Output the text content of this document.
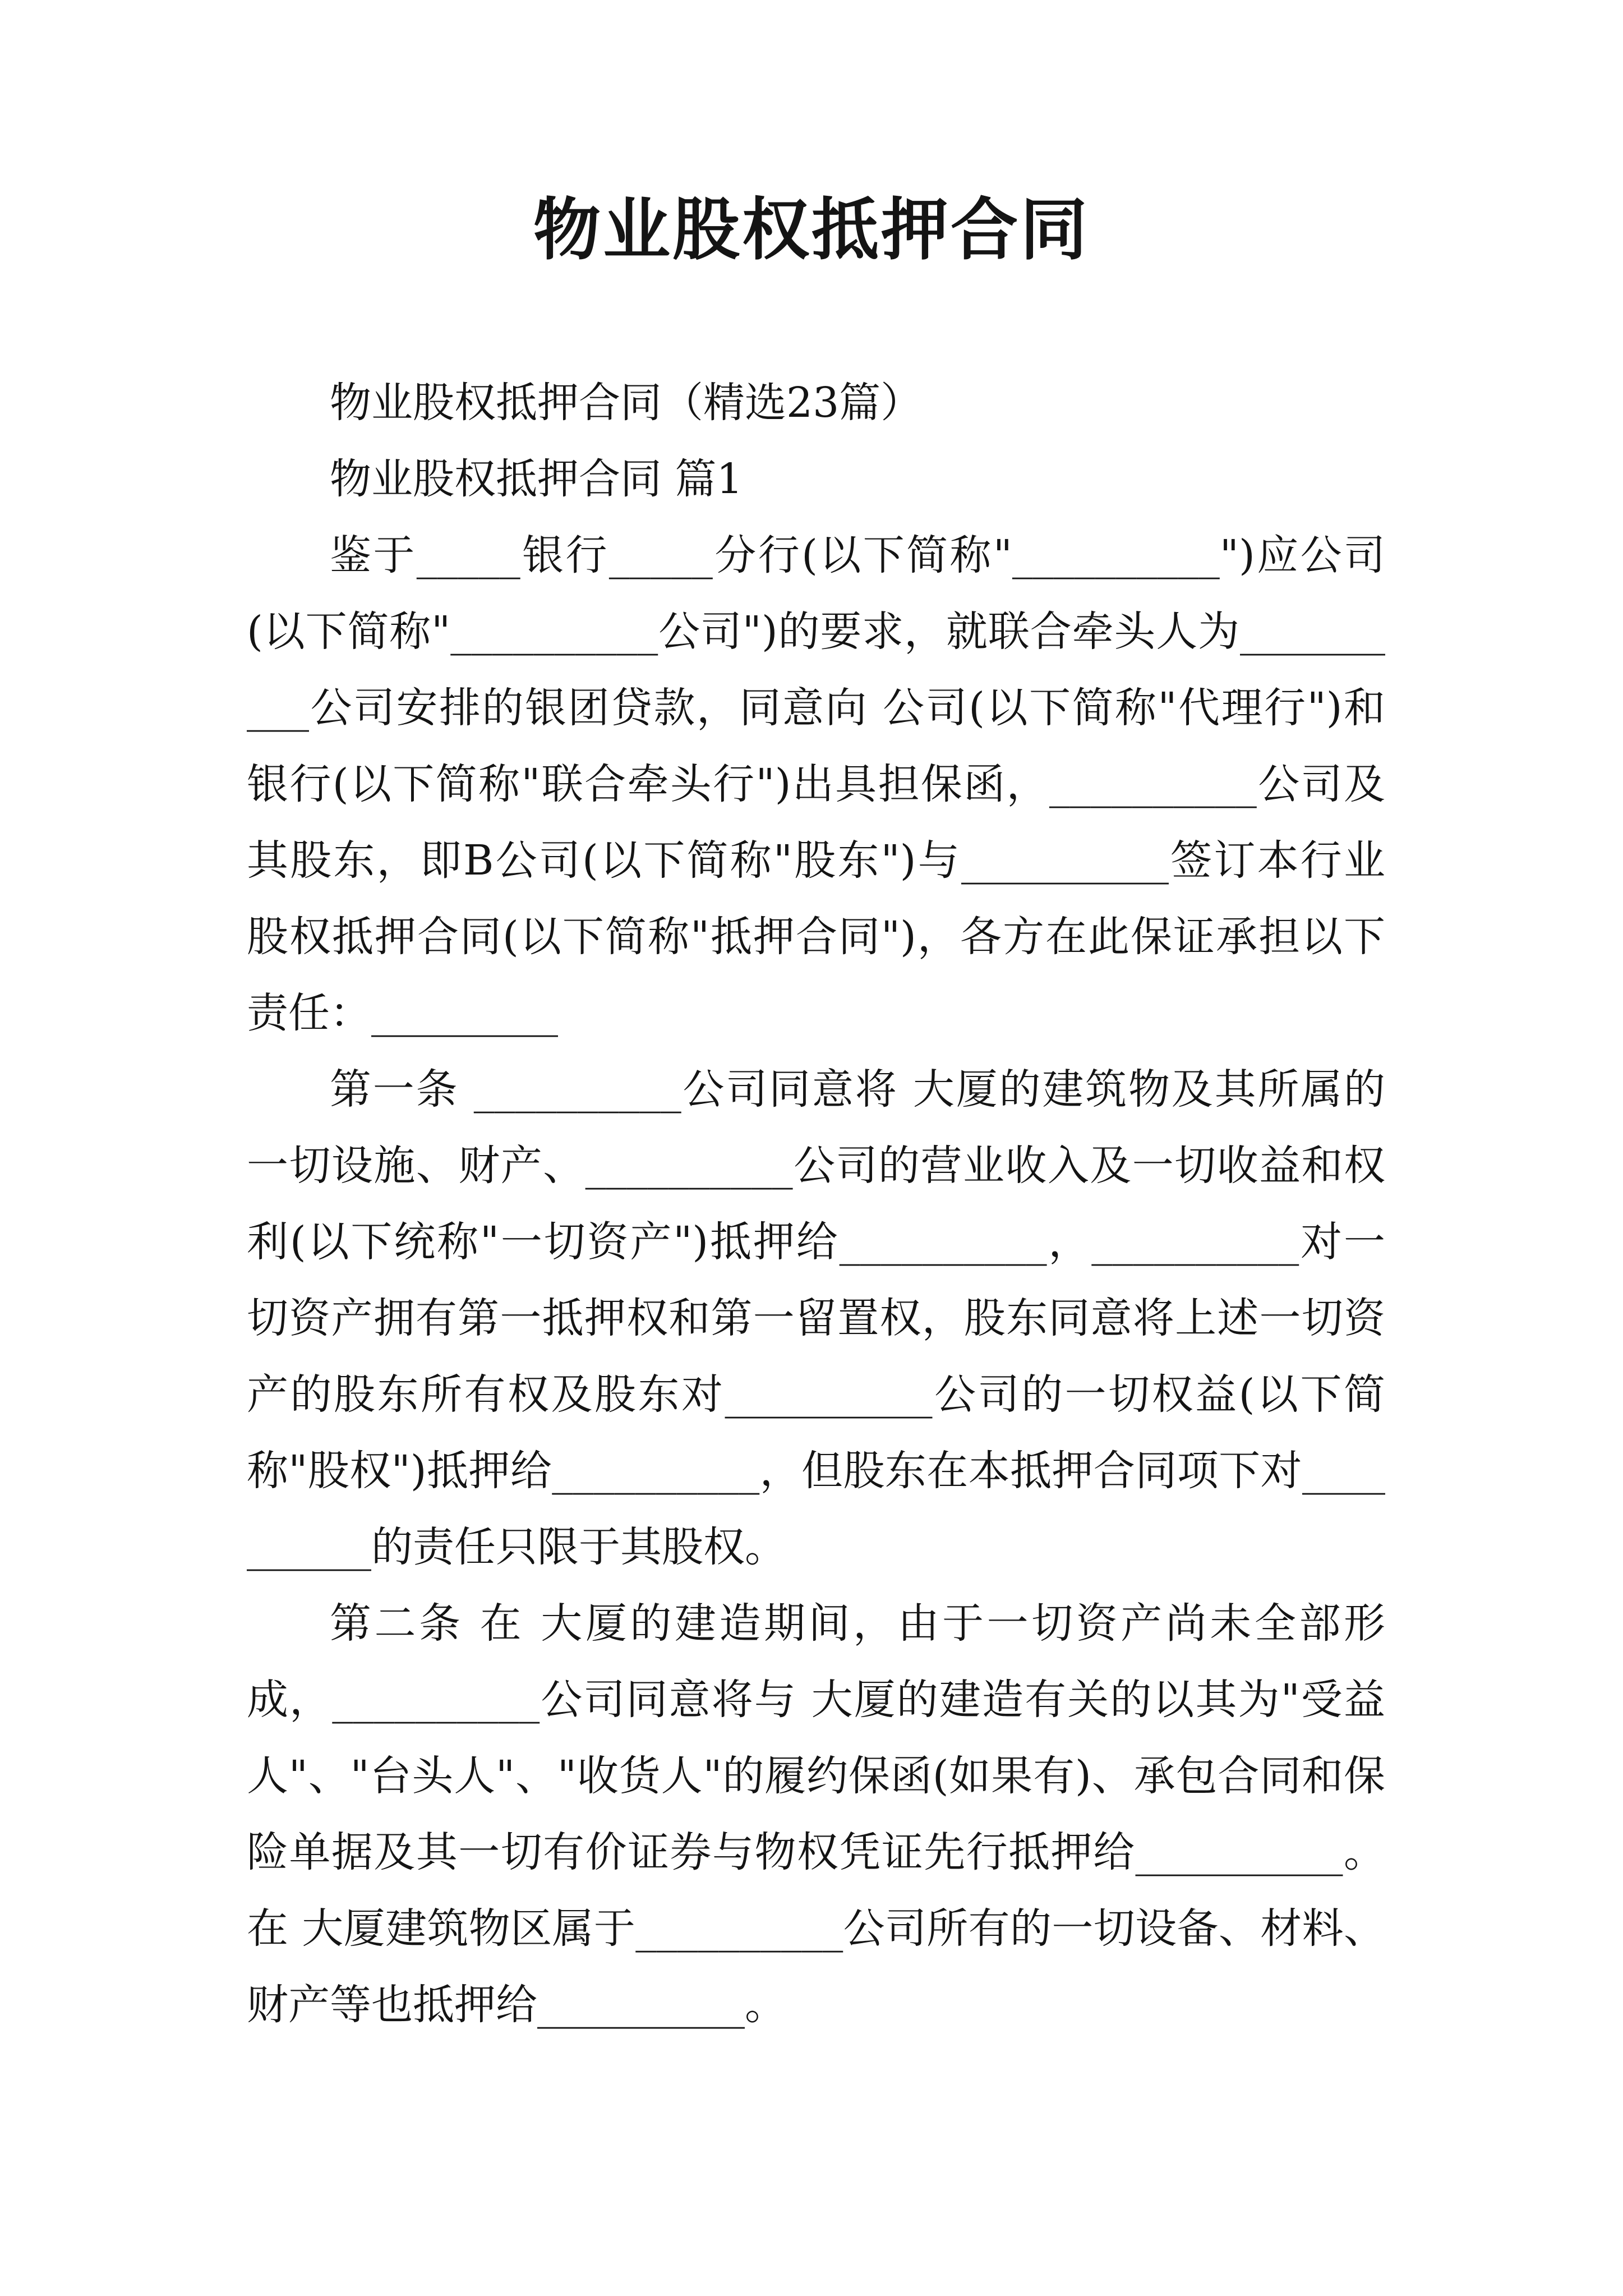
物业股权抵押合同

物业股权抵押合同（精选23篇）

物业股权抵押合同 篇1

鉴于_____银行_____分行(以下简称"__________")应公司(以下简称"__________公司")的要求，就联合牵头人为__________公司安排的银团贷款，同意向 公司(以下简称"代理行")和 银行(以下简称"联合牵头行")出具担保函，__________公司及其股东，即B公司(以下简称"股东")与__________签订本行业股权抵押合同(以下简称"抵押合同")，各方在此保证承担以下责任：_________

第一条 __________公司同意将 大厦的建筑物及其所属的一切设施、财产、__________公司的营业收入及一切收益和权利(以下统称"一切资产")抵押给__________，__________对一切资产拥有第一抵押权和第一留置权，股东同意将上述一切资产的股东所有权及股东对__________公司的一切权益(以下简称"股权")抵押给__________，但股东在本抵押合同项下对__________的责任只限于其股权。

第二条 在 大厦的建造期间，由于一切资产尚未全部形成，__________公司同意将与 大厦的建造有关的以其为"受益人"、"台头人"、"收货人"的履约保函(如果有)、承包合同和保险单据及其一切有价证券与物权凭证先行抵押给__________。在 大厦建筑物区属于__________公司所有的一切设备、材料、财产等也抵押给__________。
